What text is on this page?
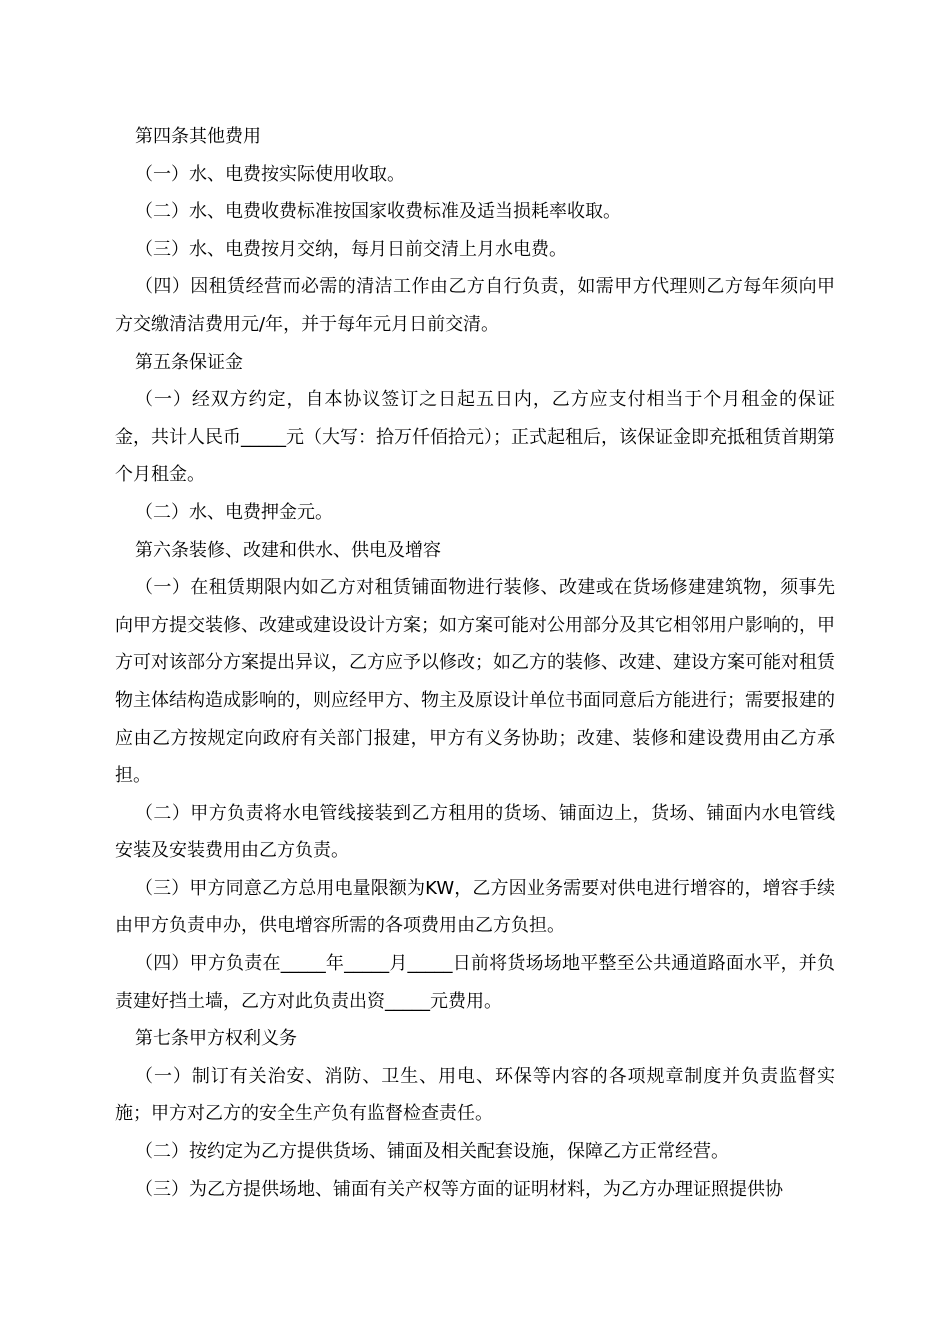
第四条其他费用

（一）水、电费按实际使用收取。

（二）水、电费收费标准按国家收费标准及适当损耗率收取。

（三）水、电费按月交纳，每月日前交清上月水电费。

（四）因租赁经营而必需的清洁工作由乙方自行负责，如需甲方代理则乙方每年须向甲方交缴清洁费用元/年，并于每年元月日前交清。

第五条保证金

（一）经双方约定，自本协议签订之日起五日内，乙方应支付相当于个月租金的保证金，共计人民币_____元（大写：拾万仟佰拾元）；正式起租后，该保证金即充抵租赁首期第个月租金。

（二）水、电费押金元。

第六条装修、改建和供水、供电及增容

（一）在租赁期限内如乙方对租赁铺面物进行装修、改建或在货场修建建筑物，须事先向甲方提交装修、改建或建设设计方案；如方案可能对公用部分及其它相邻用户影响的，甲方可对该部分方案提出异议，乙方应予以修改；如乙方的装修、改建、建设方案可能对租赁物主体结构造成影响的，则应经甲方、物主及原设计单位书面同意后方能进行；需要报建的应由乙方按规定向政府有关部门报建，甲方有义务协助；改建、装修和建设费用由乙方承担。

（二）甲方负责将水电管线接装到乙方租用的货场、铺面边上，货场、铺面内水电管线安装及安装费用由乙方负责。

（三）甲方同意乙方总用电量限额为KW，乙方因业务需要对供电进行增容的，增容手续由甲方负责申办，供电增容所需的各项费用由乙方负担。

（四）甲方负责在_____年_____月_____日前将货场场地平整至公共通道路面水平，并负责建好挡土墙，乙方对此负责出资_____元费用。

第七条甲方权利义务

（一）制订有关治安、消防、卫生、用电、环保等内容的各项规章制度并负责监督实施；甲方对乙方的安全生产负有监督检查责任。

（二）按约定为乙方提供货场、铺面及相关配套设施，保障乙方正常经营。

（三）为乙方提供场地、铺面有关产权等方面的证明材料，为乙方办理证照提供协
